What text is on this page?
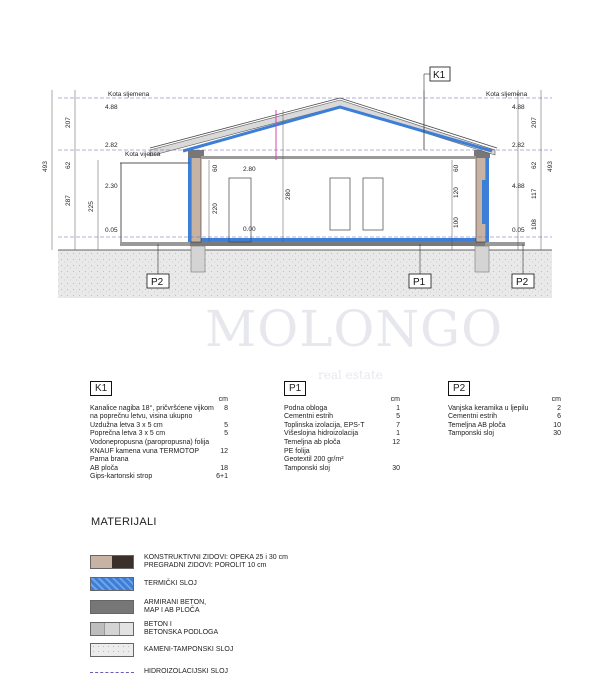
Kota sljemena	Kota sljemena
Kota vijenca
4.88
2.82
2.30
0.05
4.88
2.82
4.88
0.05
2.80
0.00
207
493 62
287
225
207
493
62
117
60
120
100	108
60
220
280
K1
P1
P2	P2
MOLONGO
real estate
K1
cm
Kanalice nagiba 18°, pričvršćene vijkom 8
na poprečnu letvu, visina ukupno
Uzdužna letva 3 x 5 cm	5
Poprečna letva 3 x 5 cm	5
Vodonepropusna (paropropusna) folija
KNAUF kamena vuna TERMOTOP	12
Parna brana
AB ploča	18
Gips-kartonski strop	6+1
P1
cm
Podna obloga	1
Cementni estrih	5
Toplinska izolacija, EPS-T	7
Višeslojna hidroizolacija	1
Temeljna ab ploča	12
PE folija
Geotextil 200 gr/m²
Tamponski sloj	30
P2
cm
Vanjska keramika u ljepilu	2
Cementni estrih	6
Temeljna AB ploča	10
Tamponski sloj	30
MATERIJALI
KONSTRUKTIVNI ZIDOVI: OPEKA 25 i 30 cm
PREGRADNI ZIDOVI: POROLIT 10 cm
TERMIČKI SLOJ
ARMIRANI BETON,
MAP I AB PLOČA
BETON I
BETONSKA PODLOGA
KAMENI-TAMPONSKI SLOJ
HIDROIZOLACIJSKI SLOJ
